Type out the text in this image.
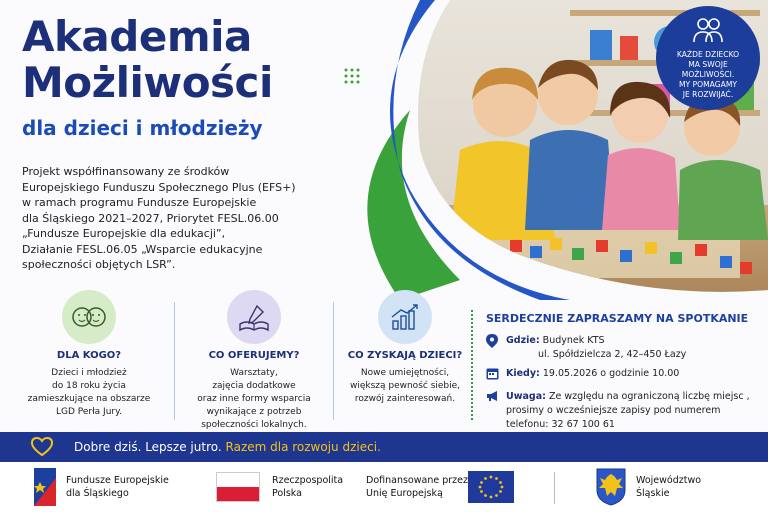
Akademia
Możliwości
dla dzieci i młodzieży
Projekt współfinansowany ze środków
Europejskiego Funduszu Społecznego Plus (EFS+)
w ramach programu Fundusze Europejskie
dla Śląskiego 2021–2027, Priorytet FESL.06.00
„Fundusze Europejskie dla edukacji”,
Działanie FESL.06.05 „Wsparcie edukacyjne
społeczności objętych LSR”.
KAŻDE DZIECKO
MA SWOJE
MOŻLIWOŚCI.
MY POMAGAMY
JE ROZWIJAĆ.
DLA KOGO?

Dzieci i młodzież
do 18 roku życia
zamieszkujące na obszarze
LGD Perła Jury.

CO OFERUJEMY?

Warsztaty,
zajęcia dodatkowe
oraz inne formy wsparcia
wynikające z potrzeb
społeczności lokalnych.

CO ZYSKAJĄ DZIECI?

Nowe umiejętności,
większą pewność siebie,
rozwój zainteresowań.

SERDECZNIE ZAPRASZAMY NA SPOTKANIE
Gdzie: Budynek KTS
ul. Spółdzielcza 2, 42–450 Łazy
Kiedy: 19.05.2026 o godzinie 10.00
Uwaga: Ze względu na ograniczoną liczbę miejsc ,
prosimy o wcześniejsze zapisy pod numerem
telefonu: 32 67 100 61
Dobre dziś. Lepsze jutro. Razem dla rozwoju dzieci.
Fundusze Europejskie
dla Śląskiego
Rzeczpospolita
Polska
Dofinansowane przez
Unię Europejską
Województwo
Śląskie
